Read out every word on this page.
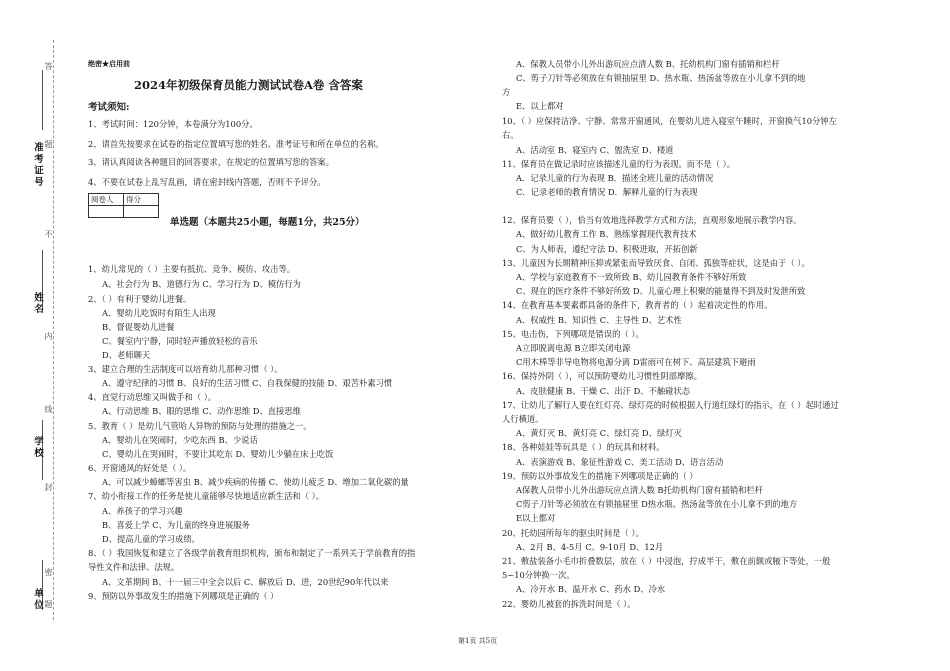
准考证号
姓名
学校
单位
答
题
不
内
线
封
密
题
绝密★启用前
2024年初级保育员能力测试试卷A卷 含答案
考试须知:
1、考试时间：120分钟，本卷满分为100分。
2、请首先按要求在试卷的指定位置填写您的姓名、准考证号和所在单位的名称。
3、请认真阅读各种题目的回答要求，在规定的位置填写您的答案。
4、不要在试卷上乱写乱画，请在密封线内答题，否则不予评分。
阅卷人	得分

单选题（本题共25小题，每题1分，共25分）
1、幼儿常见的（ ）主要有抵抗、竞争、模仿、攻击等。
A、社会行为 B、道德行为 C、学习行为 D、模仿行为
2、（ ）有利于婴幼儿进餐。
A、婴幼儿吃饭时有陌生人出现
B、督促婴幼儿进餐
C、餐室内宁静，同时轻声播放轻松的音乐
D、老师聊天
3、建立合理的生活制度可以培育幼儿那种习惯（ ）。
A、遵守纪律的习惯 B、良好的生活习惯 C、自我保健的技能 D、艰苦朴素习惯
4、直觉行动思维又叫做手和（ ）。
A、行动思维 B、眼的思维 C、动作思维 D、直接思维
5、教育（ ）是幼儿气管哈人异物的预防与处理的措施之一。
A、婴幼儿在哭闹时，少吃东西 B、少说话
C、婴幼儿在哭闹时，不要让其吃东 D、婴幼儿少躺在床上吃饭
6、开窗通风的好处是（ ）。
A、可以减少蟑螂等害虫 B、减少疾病的传播 C、使幼儿疲乏 D、增加二氧化碳的量
7、幼小衔接工作的任务是使儿童能够尽快地适应新生活和（ ）。
A、养孩子的学习兴趣
B、喜爱上学 C、为儿童的终身进展服务
D、提高儿童的学习成绩。
8、（ ）我国恢复和建立了各级学前教育组织机构，颁布和制定了一系列关于学前教育的指
导性文件和法律、法规。
A、文革期间 B、十一届三中全会以后 C、解放后 D、进，20世纪90年代以来
9、预防以外事故发生的措施下列哪项是正确的（ ）
A、保教人员带小儿外出游玩应点清人数 B、托幼机构门窗有插销和栏杆
C、剪子刀针等必须放在有锁抽屉里 D、热水瓶、热汤盆等放在小儿拿不到的地
方
E、以上都对
10、（ ）应保持洁净、宁静、常常开窗通风，在婴幼儿进入寝室午睡时，开窗换气10分钟左
右。
A、活动室 B、寝室内 C、盥洗室 D、楼道
11、保育员在做记录时应该描述儿童的行为表现。而不是（ ）。
A．记录儿童的行为表现 B．描述全班儿童的活动情况
C．记录老师的教育情况 D．解释儿童的行为表现
12、保育员要（ ），恰当有效地选择教学方式和方法，直观形象地展示教学内容。
A、做好幼儿教育工作 B、熟练掌握现代教育技术
C、为人师表，遵纪守法 D、积极进取，开拓创新
13、儿童因为长期精神压抑或紧张而导致厌食、自闭、孤独等症状，这是由于（ ）。
A、学校与家庭教育不一致所致 B、幼儿园教育条件不够好所致
C、现在的医疗条件不够好所致 D、儿童心理上积聚的能量得不到及时发泄所致
14、在教育基本要素都具备的条件下，教育者的（ ）起着决定性的作用。
A、权威性 B、知识性 C、主导性 D、艺术性
15、电击伤，下列哪项是错误的（ ）。
A立即脱离电源 B立即关闭电源
C用木棒等非导电物将电源分离 D雷雨可在树下、高层建筑下避雨
16、保持外阴（ ），可以预防婴幼儿习惯性阴部摩擦。
A、皮肤健康 B、干燥 C、出汗 D、不触碰状态
17、让幼儿了解行人要在红灯亮、绿灯亮的时候根据人行道红绿灯的指示，在（ ）起时通过
人行横道。
A、黄灯灭 B、黄灯亮 C、绿灯亮 D、绿灯灭
18、各种娃娃等玩具是（ ）的玩具和材料。
A、表演游戏 B、象征性游戏 C、美工活动 D、语言活动
19、预防以外事故发生的措施下列哪项是正确的（ ）
A保教人员带小儿外出游玩应点清人数 B托幼机构门窗有插销和栏杆
C剪子刀针等必须放在有锁抽屉里 D热水瓶、热汤盆等放在小儿拿不到的地方
E以上都对
20、托幼园所每年的驱虫时间是（ ）。
A、2月 B、4-5月 C、9-10月 D、12月
21、敷盐装备小毛巾折叠数层，放在（ ）中浸泡，拧成半干，敷在前额或腋下等处，一般
5~10分钟换一次。
A、冷开水 B、温开水 C、药水 D、冷水
22、婴幼儿被套的拆洗时间是（ ）。
第1页 共5页
